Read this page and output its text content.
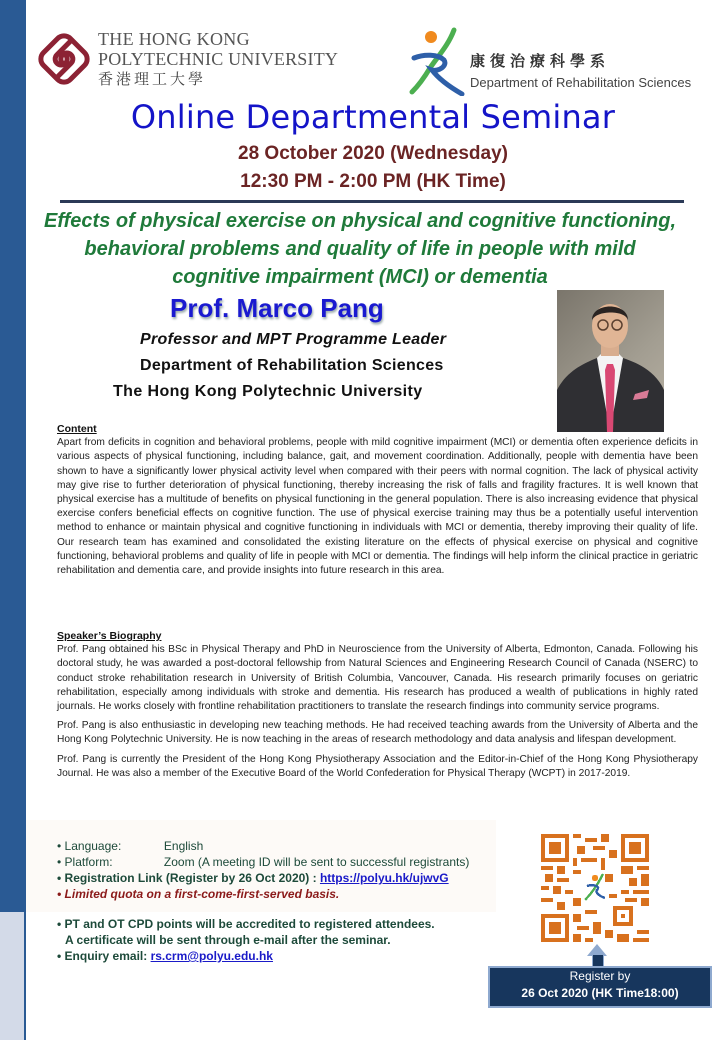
THE HONG KONG
POLYTECHNIC UNIVERSITY
香港理工大學
康復治療科學系
Department of Rehabilitation Sciences
Online Departmental Seminar
28 October 2020 (Wednesday)
12:30 PM - 2:00 PM (HK Time)
Effects of physical exercise on physical and cognitive functioning, behavioral problems and quality of life in people with mild cognitive impairment (MCI) or dementia
Prof. Marco Pang
Professor and MPT Programme Leader
Department of Rehabilitation Sciences
The Hong Kong Polytechnic University
Content

Apart from deficits in cognition and behavioral problems, people with mild cognitive impairment (MCI) or dementia often experience deficits in various aspects of physical functioning, including balance, gait, and movement coordination. Additionally, people with dementia have been shown to have a significantly lower physical activity level when compared with their peers with normal cognition. The lack of physical activity may give rise to further deterioration of physical functioning, thereby increasing the risk of falls and fragility fractures. It is well known that physical exercise has a multitude of benefits on physical functioning in the general population. There is also increasing evidence that physical exercise confers beneficial effects on cognitive function. The use of physical exercise training may thus be a potentially useful intervention method to enhance or maintain physical and cognitive functioning in individuals with MCI or dementia, thereby improving their quality of life. Our research team has examined and consolidated the existing literature on the effects of physical exercise on physical and cognitive functioning, behavioral problems and quality of life in people with MCI or dementia. The findings will help inform the clinical practice in geriatric rehabilitation and dementia care, and provide insights into future research in this area.

Speaker’s Biography

Prof. Pang obtained his BSc in Physical Therapy and PhD in Neuroscience from the University of Alberta, Edmonton, Canada. Following his doctoral study, he was awarded a post-doctoral fellowship from Natural Sciences and Engineering Research Council of Canada (NSERC) to conduct stroke rehabilitation research in University of British Columbia, Vancouver, Canada. His research primarily focuses on geriatric rehabilitation, especially among individuals with stroke and dementia. His research has produced a wealth of publications in highly rated journals. He works closely with frontline rehabilitation practitioners to translate the research findings into community service programs.

Prof. Pang is also enthusiastic in developing new teaching methods. He had received teaching awards from the University of Alberta and the Hong Kong Polytechnic University. He is now teaching in the areas of research methodology and data analysis and lifespan development.

Prof. Pang is currently the President of the Hong Kong Physiotherapy Association and the Editor-in-Chief of the Hong Kong Physiotherapy Journal. He was also a member of the Executive Board of the World Confederation for Physical Therapy (WCPT) in 2017-2019.

• Language:	English
• Platform:	Zoom (A meeting ID will be sent to successful registrants)
• Registration Link (Register by 26 Oct 2020) : https://polyu.hk/ujwvG
• Limited quota on a first-come-first-served basis.
• PT and OT CPD points will be accredited to registered attendees.
A certificate will be sent through e-mail after the seminar.
• Enquiry email: rs.crm@polyu.edu.hk
Register by
26 Oct 2020 (HK Time18:00)
